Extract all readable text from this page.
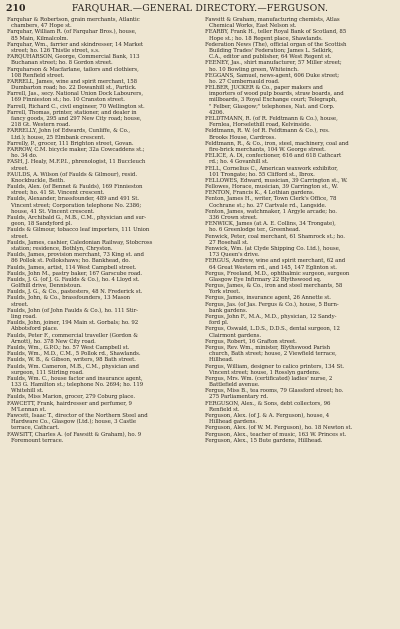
210	FARQUHAR.—GENERAL DIRECTORY.—FERGUSON.

Farquhar & Robertson, grain merchants, Atlantic
chambers, 47 Hope st.

Farquhar, William R. (of Farquhar Bros.), house,
85 Main, Kilmalcolm.

Farquhar, Wm., farrier and skindresser, 14 Market
street; ho. 126 Thistle street, s.s.

FARQUHARSON, George, Commercial Bank, 113
Buchanan street; ho. 8 Gordon street.

Farquharson & Macfarlane, tailors and clothiers,
108 Renfield street.

FARRELL, James, wine and spirit merchant, 158
Dumbarton road; ho. 22 Dowanhill st., Partick.

Farrell, Jas., secy. National Union Dock Labourers,
169 Finnieston st.; ho. 10 Cranston street.

Farrell, Richard C., civil engineer, 70 Wellington st.

Farrell, Thomas, printer, stationer, and dealer in
fancy goods, 295 and 297 New City road; house,
218 Gt. Western road.

FARRELLY, John (of Edwards, Cunliffe, & Co.,
Ltd.); house, 25 Elmbank crescent.

Farrelly, P., grocer, 111 Brighton street, Govan.

FARROW, C.M. bicycle maker, 32a Cowcaddens st.;
ho. 34 do.

FASH, J. Healy, M.F.P.I., phrenologist, 11 Buccleuch
street.

FAULDS, A. Wilson (of Faulds & Gilmour), resid.
Knockbuckle, Beith.

Faulds, Alex. (of Bennet & Faulds), 169 Finnieston
street; ho. 41 St. Vincent crescent.

Faulds, Alexander, brassfounder, 489 and 491 St.
Vincent street; Corporation telephone No. 2386;
house, 41 St. Vincent crescent.

Faulds, Archibald G., M.B., C.M., physician and sur-
geon, 18 Sandyford pl.

Faulds & Gilmour, tobacco leaf importers, 111 Union
street.

Faulds, James, cashier, Caledonian Railway, Stobcross
station; residence, Bothlyn, Chryston.

Faulds, James, provision merchant, 73 King st. and
86 Pollok st. Pollokshaws; ho. Bankhead, do.

Faulds, James, artist, 114 West Campbell street.

Faulds, John M., pastry baker, 167 Garscube road.

Faulds, J. G. (of J. G. Faulds & Co.), ho. 4 Lloyd st.
Golfhill drive, Dennistoun.

Faulds, J. G., & Co., pastesters, 48 N. Frederick st.

Faulds, John, & Co., brassfounders, 13 Mason
street.

Faulds, John (of John Faulds & Co.), ho. 111 Stir-
ling road.

Faulds, John, joiner, 194 Main st. Gorbals; ho. 92
Abbotsford place.

Faulds, Peter F., commercial traveller (Gordon &
Arnott), ho. 378 New City road.

Faulds, Wm., G.P.O.; ho. 57 West Campbell st.

Faulds, Wm., M.D., C.M., 5 Pollok rd., Shawlands.

Faulds, W. B., & Gibson, writers, 98 Bath street.

Faulds, Wm. Cameron, M.B., C.M., physician and
surgeon, 111 Stirling road.

Faulds, Wm. C., house factor and insurance agent,
133 G. Hamilton st.; telephone No. 2694; ho. 119
Whitehill st.

Faulds, Miss Marion, grocer, 279 Coburg place.

FAWCETT, Frank, hairdresser and perfumer, 9
M'Lennan st.

Fawcett, Isaac T., director of the Northern Steel and
Hardware Co., Glasgow (Ltd.); house, 3 Castle
terrace, Cathcart.

FAWSITT, Charles A. (of Fawsitt & Graham), ho. 9
Foremount terrace.

Fawsitt & Graham, manufacturing chemists, Atlas
Chemical Works, East Nelson st.

FEARBY, Frank H., teller Royal Bank of Scotland, 85
Hope st.; ho. 18 Regent place, Shawlands.

Federation News (The), official organ of the Scottish
Building Trades' Federation; James L. Selkirk,
C.A., editor and publisher, 64 West Regent st.

FEENEY, Jas., shirt manufacturer, 57 Miller street;
ho. 10 Bowling green, Whiteinch.

FEGGANS, Samuel, news-agent, 606 Duke street;
ho. 27 Cumbernauld road.

FELBER, JUCKER & Co., paper makers and
importers of wood pulp boards, straw boards, and
millboards, 3 Royal Exchange court; Telegraph,
" Felber, Glasgow;" telephones, Nat. and Corp.
4206.

FELDTMANN, R. (of R. Feldtmann & Co.), house,
Fernlea, Horselethill road, Kelvinside.

Feldtmann, R. W. (of R. Feldtmann & Co.), res.
Brooks House, Cardross.

Feldtmann, R., & Co., iron, steel, machinery, coal and
fire-brick merchants, 104 W. George street.

FELICE, A. Di, confectioner, 616 and 618 Cathcart
rd.; ho. 4 Govanhill st.

FELL, Cornelius C., American waxwork exhibitor,
101 Trongate; ho. 55 Clifford st., Ibrox.

FELLOWES, Edward, musician, 39 Carrington st., W.

Fellowes, Horace, musician, 39 Carrington st., W.

FENTON, Francis K., 4 Lothian gardens.

Fenton, James H., writer, Town Clerk's Office, 78
Cochrane st.; ho. 27 Cartvale rd., Langside.

Fenton, James, watchmaker, 1 Argyle arcade; ho.
336 Crown street.

FENWICK, James (at A. E. Collins, 34 Trongate),
ho. 6 Greenlodge ter., Greenhead.

Fenwick, Peter, coal merchant, 61 Shamrock st.; ho.
27 Rosehall st.

Fenwick, Wm. (at Clyde Shipping Co. Ltd.), house,
173 Queen's drive.

FERGUS, Andrew, wine and spirit merchant, 62 and
64 Great Western rd., and 145, 147 Eglinton st.

Fergus, Freeland, M.D., ophthalmic surgeon, surgeon
Glasgow Eye Infirmary 22 Blythswood sq.

Fergus, James, & Co., iron and steel merchants, 58
York street.

Fergus, James, insurance agent, 26 Annette st.

Fergus, Jas. (of Jas. Fergus & Co.), house, 5 Burn-
bank gardens.

Fergus, John F., M.A., M.D., physician, 12 Sandy-
ford pl.

Fergus, Oswald, L.D.S., D.D.S., dental surgeon, 12
Clairmont gardens.

Fergus, Robert, 16 Grafton street.

Fergus, Rev. Wm., minister, Blythswood Parish
church, Bath street; house, 2 Viewfield terrace,
Hillhead.

Fergus, William, designer to calico printers, 134 St.
Vincent street; house, 1 Rosslyn gardens.

Fergus, Mrs. Wm. (certificated) ladies' nurse, 2
Battlefield avenue.

Fergus, Miss B., tea rooms, 79 Glassford street; ho.
275 Parliamentary rd.

FERGUSON, Alex., & Sons, debt collectors, 96
Renfield st.

Ferguson, Alex. (of J. & A. Ferguson), house, 4
Hillhead gardens.

Ferguson, Alex. (of W. M. Ferguson), ho. 18 Newton st.

Ferguson, Alex., teacher of music, 163 W. Princes st.

Ferguson, Alex., 15 Bute gardens, Hillhead.
